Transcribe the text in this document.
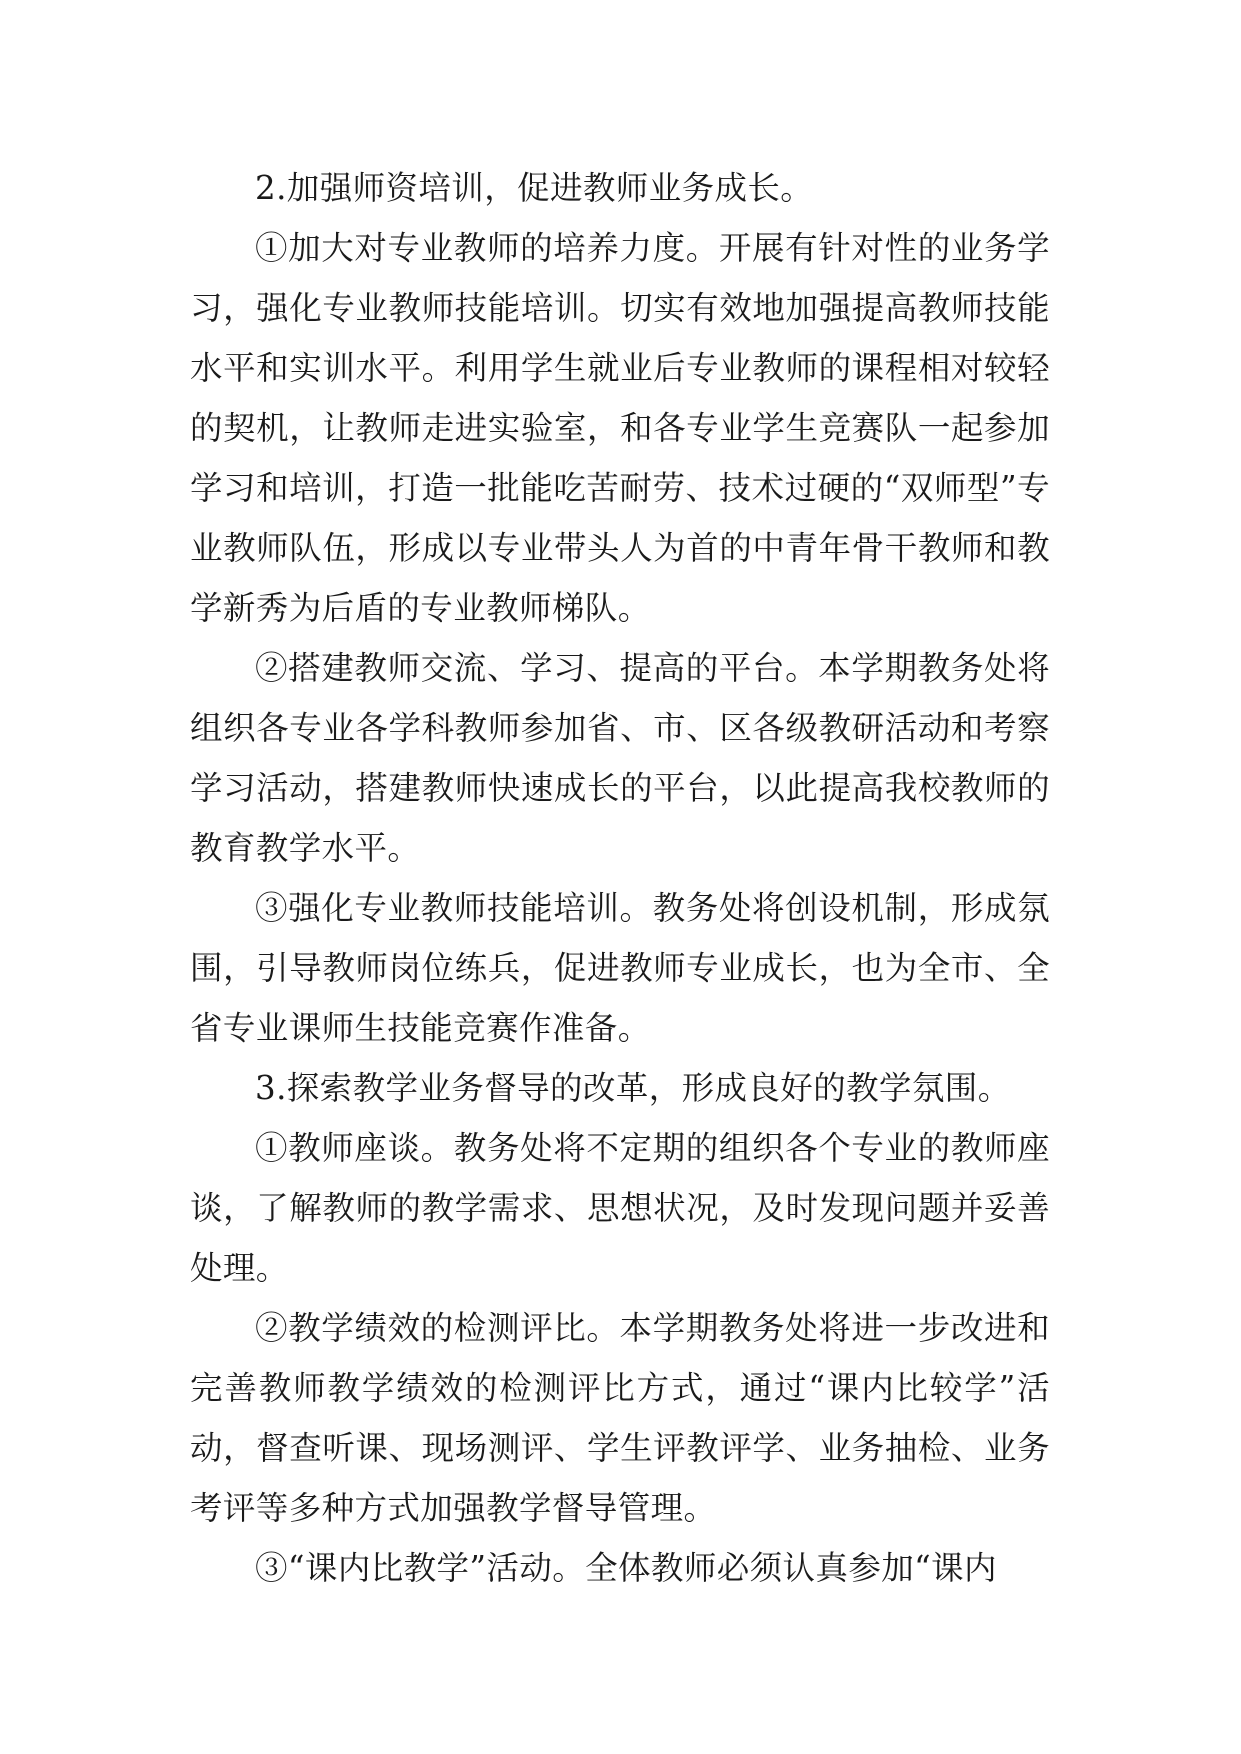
2.加强师资培训，促进教师业务成长。

①加大对专业教师的培养力度。开展有针对性的业务学习，强化专业教师技能培训。切实有效地加强提高教师技能水平和实训水平。利用学生就业后专业教师的课程相对较轻的契机，让教师走进实验室，和各专业学生竞赛队一起参加学习和培训，打造一批能吃苦耐劳、技术过硬的“双师型”专业教师队伍，形成以专业带头人为首的中青年骨干教师和教学新秀为后盾的专业教师梯队。

②搭建教师交流、学习、提高的平台。本学期教务处将组织各专业各学科教师参加省、市、区各级教研活动和考察学习活动，搭建教师快速成长的平台，以此提高我校教师的教育教学水平。

③强化专业教师技能培训。教务处将创设机制，形成氛围，引导教师岗位练兵，促进教师专业成长，也为全市、全省专业课师生技能竞赛作准备。

3.探索教学业务督导的改革，形成良好的教学氛围。

①教师座谈。教务处将不定期的组织各个专业的教师座谈，了解教师的教学需求、思想状况，及时发现问题并妥善处理。

②教学绩效的检测评比。本学期教务处将进一步改进和完善教师教学绩效的检测评比方式，通过“课内比较学”活动，督查听课、现场测评、学生评教评学、业务抽检、业务考评等多种方式加强教学督导管理。

③“课内比教学”活动。全体教师必须认真参加“课内
